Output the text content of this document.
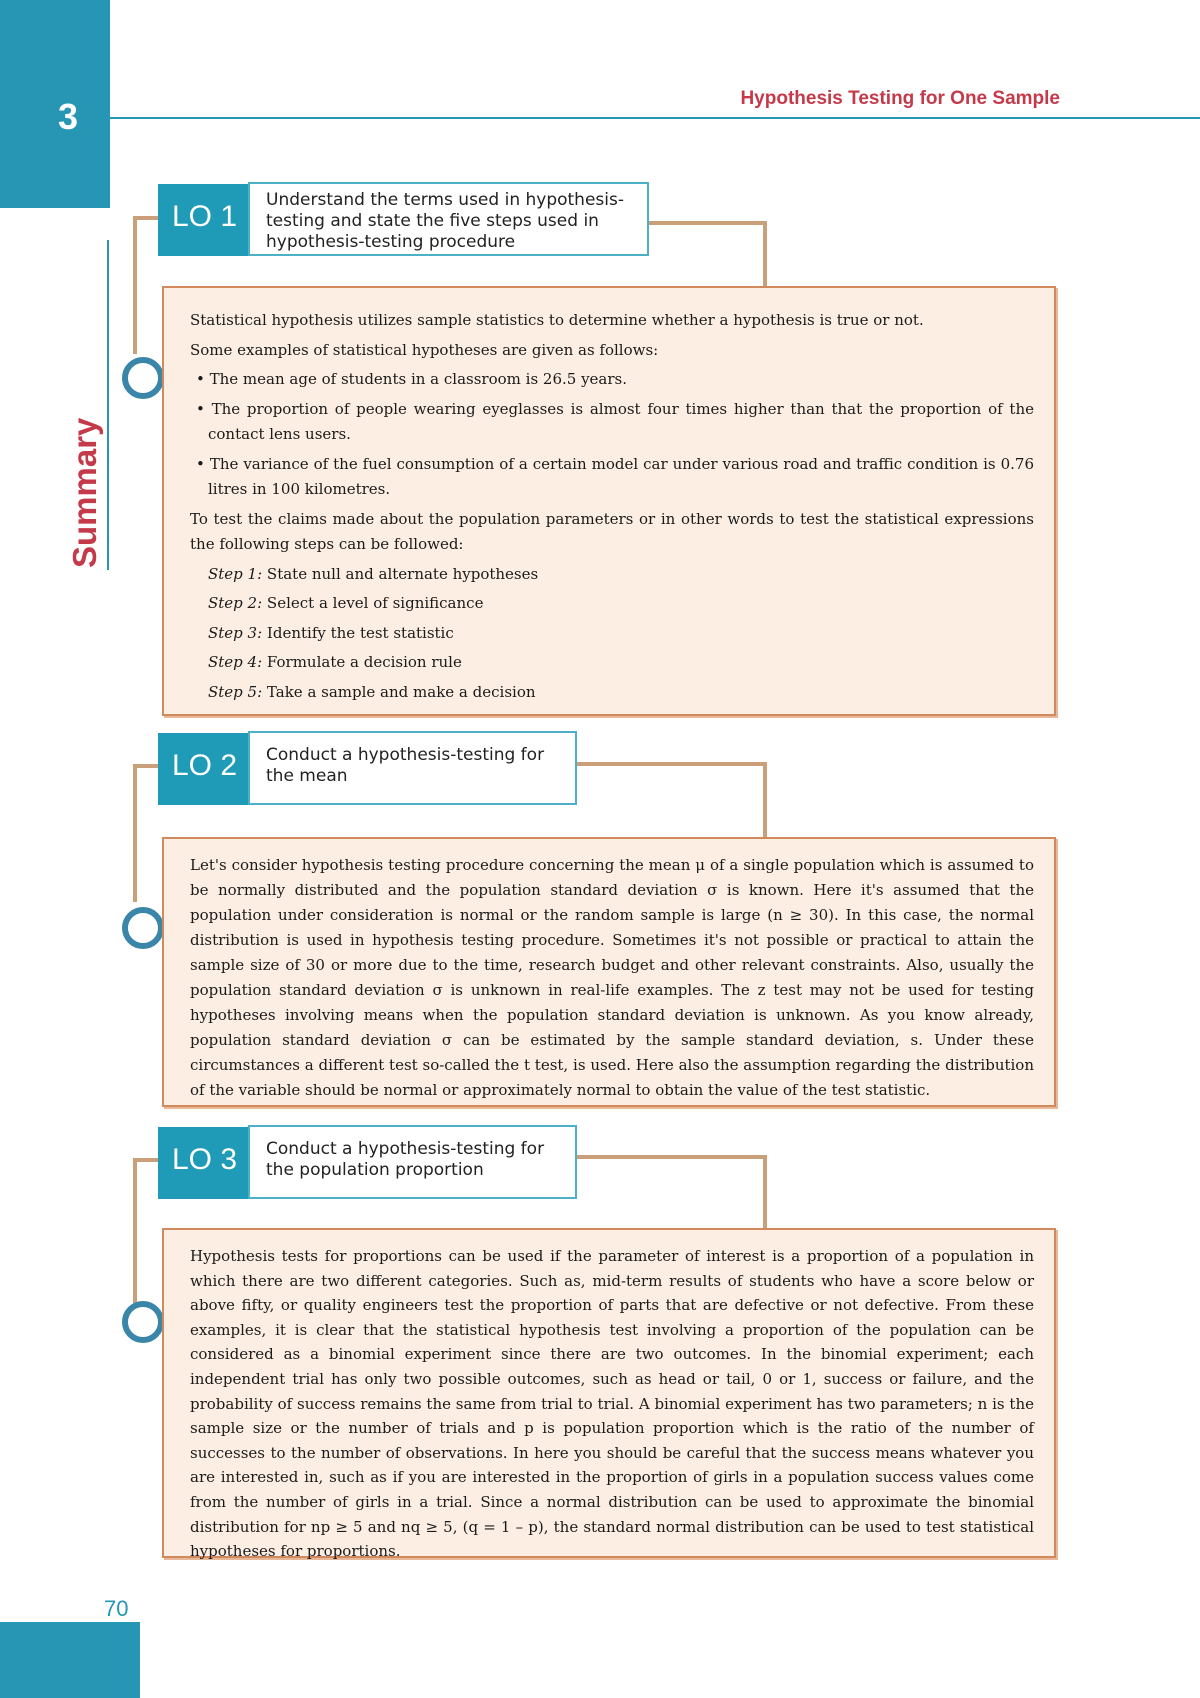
3	Hypothesis Testing for One Sample
Summary
LO 1 Understand the terms used in hypothesis-testing and state the five steps used in hypothesis-testing procedure

Statistical hypothesis utilizes sample statistics to determine whether a hypothesis is true or not.

Some examples of statistical hypotheses are given as follows:

• The mean age of students in a classroom is 26.5 years.

• The proportion of people wearing eyeglasses is almost four times higher than that the proportion of the contact lens users.

• The variance of the fuel consumption of a certain model car under various road and traffic condition is 0.76 litres in 100 kilometres.

To test the claims made about the population parameters or in other words to test the statistical expressions the following steps can be followed:

Step 1: State null and alternate hypotheses

Step 2: Select a level of significance

Step 3: Identify the test statistic

Step 4: Formulate a decision rule

Step 5: Take a sample and make a decision

LO 2 Conduct a hypothesis-testing for the mean
Let's consider hypothesis testing procedure concerning the mean μ of a single population which is assumed to be normally distributed and the population standard deviation σ is known. Here it's assumed that the population under consideration is normal or the random sample is large (n ≥ 30). In this case, the normal distribution is used in hypothesis testing procedure. Sometimes it's not possible or practical to attain the sample size of 30 or more due to the time, research budget and other relevant constraints. Also, usually the population standard deviation σ is unknown in real-life examples. The z test may not be used for testing hypotheses involving means when the population standard deviation is unknown. As you know already, population standard deviation σ can be estimated by the sample standard deviation, s. Under these circumstances a different test so-called the t test, is used. Here also the assumption regarding the distribution of the variable should be normal or approximately normal to obtain the value of the test statistic.
LO 3 Conduct a hypothesis-testing for the population proportion
Hypothesis tests for proportions can be used if the parameter of interest is a proportion of a population in which there are two different categories. Such as, mid-term results of students who have a score below or above fifty, or quality engineers test the proportion of parts that are defective or not defective. From these examples, it is clear that the statistical hypothesis test involving a proportion of the population can be considered as a binomial experiment since there are two outcomes. In the binomial experiment; each independent trial has only two possible outcomes, such as head or tail, 0 or 1, success or failure, and the probability of success remains the same from trial to trial. A binomial experiment has two parameters; n is the sample size or the number of trials and p is population proportion which is the ratio of the number of successes to the number of observations. In here you should be careful that the success means whatever you are interested in, such as if you are interested in the proportion of girls in a population success values come from the number of girls in a trial. Since a normal distribution can be used to approximate the binomial distribution for np ≥ 5 and nq ≥ 5, (q = 1 – p), the standard normal distribution can be used to test statistical hypotheses for proportions.
70
